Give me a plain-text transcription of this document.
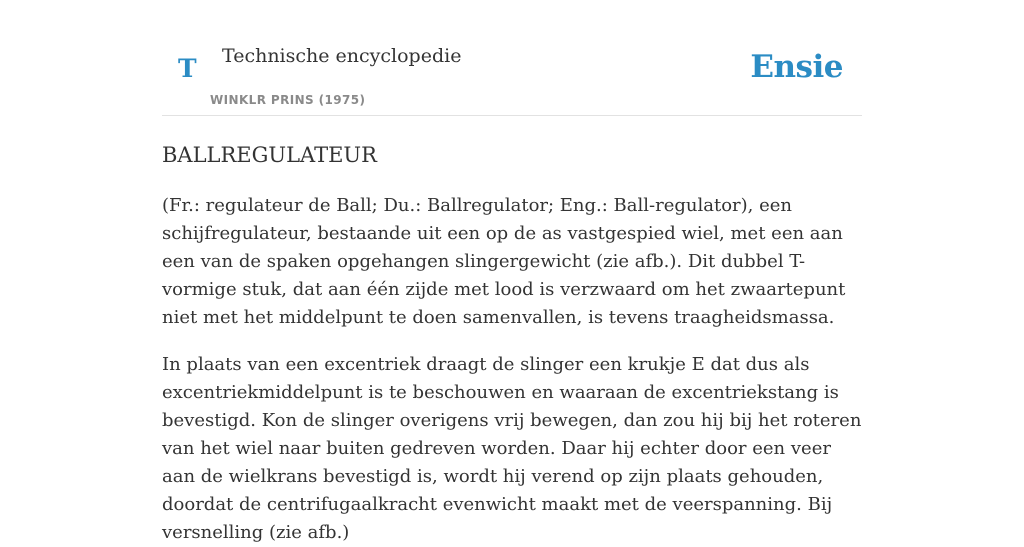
T Technische encyclopedie
WINKLR PRINS (1975)
Ensie
BALLREGULATEUR

(Fr.: regulateur de Ball; Du.: Ballregulator; Eng.: Ball-regulator), een schijfregulateur, bestaande uit een op de as vastgespied wiel, met een aan een van de spaken opgehangen slingergewicht (zie afb.). Dit dubbel T-vormige stuk, dat aan één zijde met lood is verzwaard om het zwaartepunt niet met het middelpunt te doen samenvallen, is tevens traagheidsmassa.

In plaats van een excentriek draagt de slinger een krukje E dat dus als excentriekmiddelpunt is te beschouwen en waaraan de excentriekstang is bevestigd. Kon de slinger overigens vrij bewegen, dan zou hij bij het roteren van het wiel naar buiten gedreven worden. Daar hij echter door een veer aan de wielkrans bevestigd is, wordt hij verend op zijn plaats gehouden, doordat de centrifugaalkracht evenwicht maakt met de veerspanning. Bij versnelling (zie afb.)
